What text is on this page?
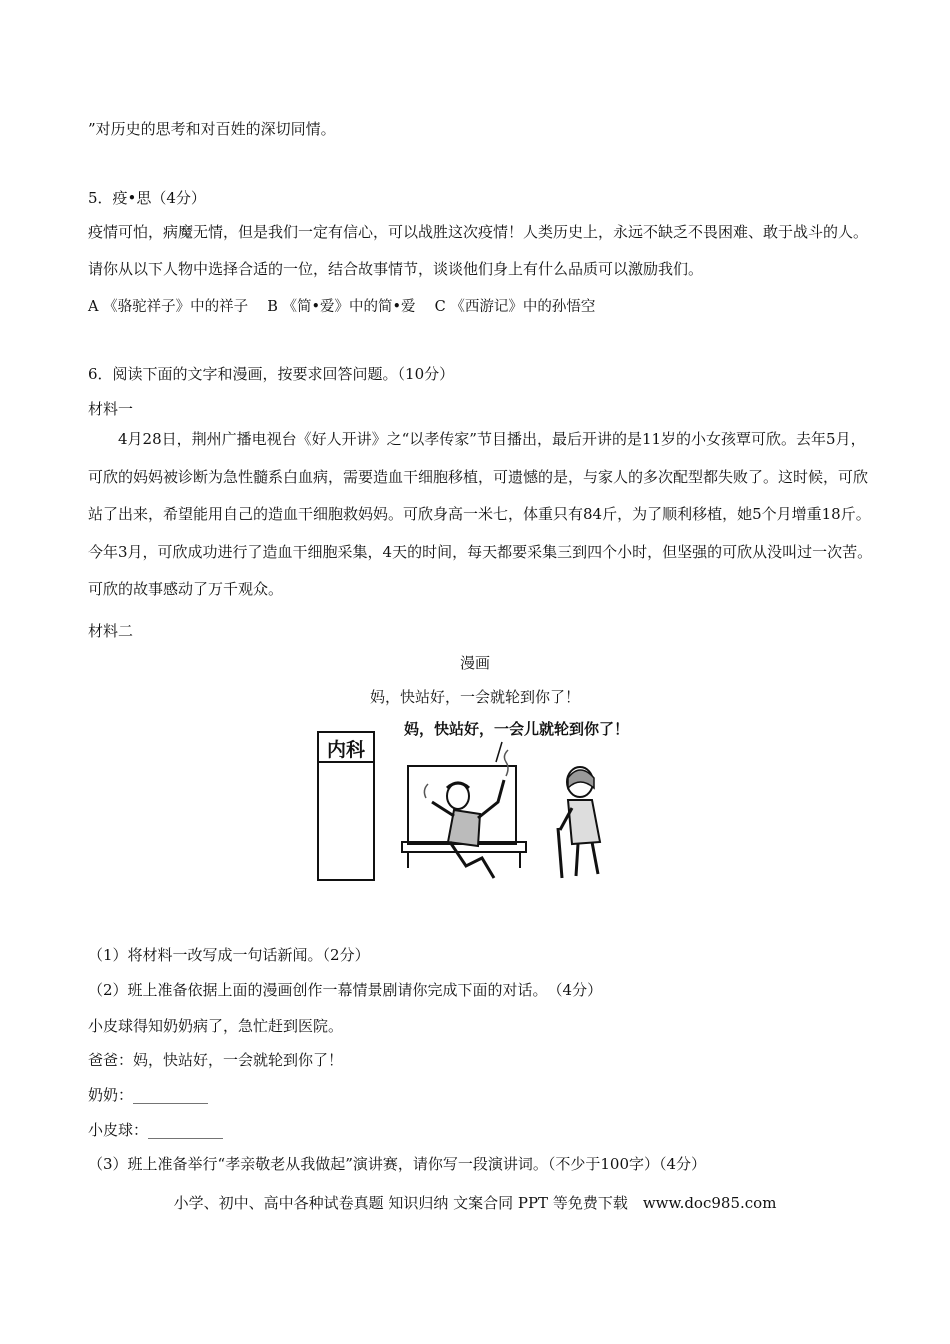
”对历史的思考和对百姓的深切同情。
5．疫•思（4分）
疫情可怕，病魔无情，但是我们一定有信心，可以战胜这次疫情！人类历史上，永远不缺乏不畏困难、敢于战斗的人。请你从以下人物中选择合适的一位，结合故事情节，谈谈他们身上有什么品质可以激励我们。
A 《骆驼祥子》中的祥子　 B 《简•爱》中的简•爱　 C 《西游记》中的孙悟空
6．阅读下面的文字和漫画，按要求回答问题。（10分）
材料一
4月28日，荆州广播电视台《好人开讲》之“以孝传家”节目播出，最后开讲的是11岁的小女孩覃可欣。去年5月，可欣的妈妈被诊断为急性髓系白血病，需要造血干细胞移植，可遗憾的是，与家人的多次配型都失败了。这时候，可欣站了出来，希望能用自己的造血干细胞救妈妈。可欣身高一米七，体重只有84斤，为了顺利移植，她5个月增重18斤。今年3月，可欣成功进行了造血干细胞采集，4天的时间，每天都要采集三到四个小时，但坚强的可欣从没叫过一次苦。可欣的故事感动了万千观众。
材料二
漫画
妈，快站好，一会就轮到你了！
内科
妈，快站好，一会儿就轮到你了！
（1）将材料一改写成一句话新闻。（2分）
（2）班上准备依据上面的漫画创作一幕情景剧请你完成下面的对话。　（4分）
小皮球得知奶奶病了，急忙赶到医院。
爸爸：妈，快站好，一会就轮到你了！
奶奶：__________
小皮球：__________
（3）班上准备举行“孝亲敬老从我做起”演讲赛，请你写一段演讲词。（不少于100字）（4分）
小学、初中、高中各种试卷真题 知识归纳 文案合同 PPT 等免费下载　www.doc985.com
